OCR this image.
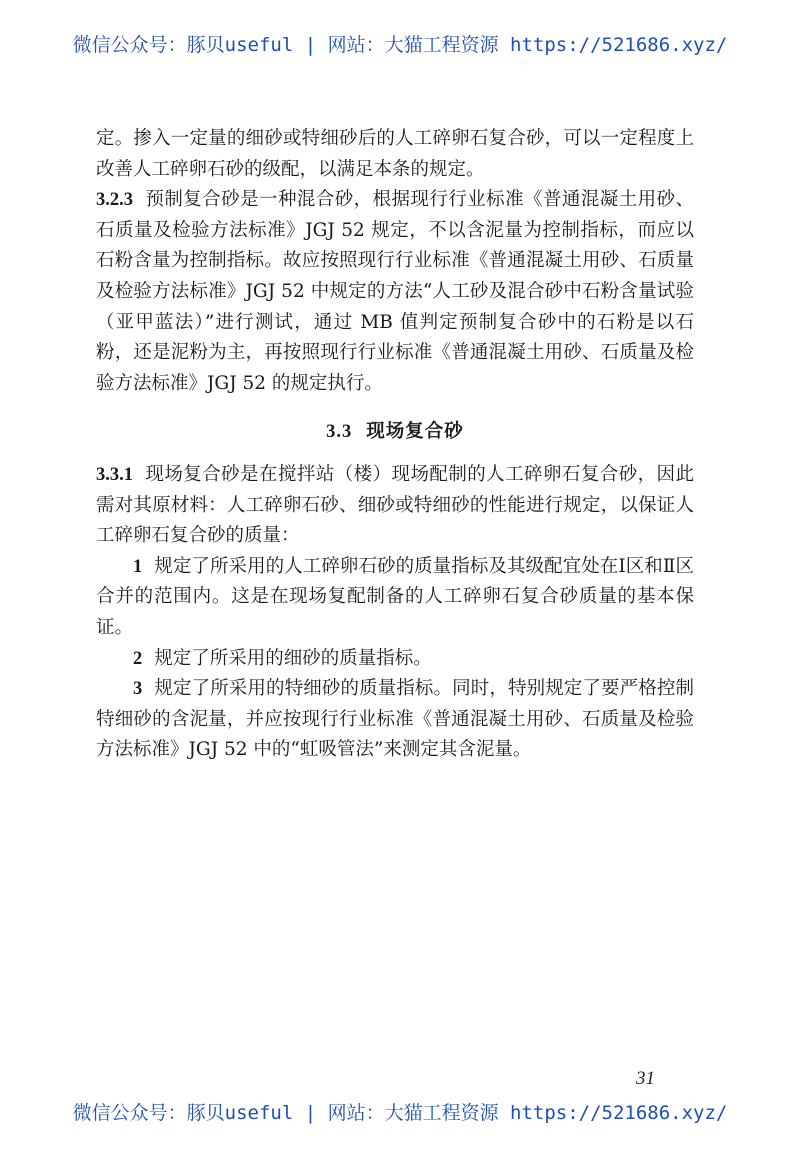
微信公众号：豚贝useful | 网站：大猫工程资源 https://521686.xyz/

定。掺入一定量的细砂或特细砂后的人工碎卵石复合砂，可以一定程度上改善人工碎卵石砂的级配，以满足本条的规定。

3.2.3 预制复合砂是一种混合砂，根据现行行业标准《普通混凝土用砂、石质量及检验方法标准》JGJ 52 规定，不以含泥量为控制指标，而应以石粉含量为控制指标。故应按照现行行业标准《普通混凝土用砂、石质量及检验方法标准》JGJ 52 中规定的方法“人工砂及混合砂中石粉含量试验（亚甲蓝法）”进行测试，通过 MB 值判定预制复合砂中的石粉是以石粉，还是泥粉为主，再按照现行行业标准《普通混凝土用砂、石质量及检验方法标准》JGJ 52 的规定执行。

3.3 现场复合砂

3.3.1 现场复合砂是在搅拌站（楼）现场配制的人工碎卵石复合砂，因此需对其原材料：人工碎卵石砂、细砂或特细砂的性能进行规定，以保证人工碎卵石复合砂的质量：

1 规定了所采用的人工碎卵石砂的质量指标及其级配宜处在Ⅰ区和Ⅱ区合并的范围内。这是在现场复配制备的人工碎卵石复合砂质量的基本保证。

2 规定了所采用的细砂的质量指标。

3 规定了所采用的特细砂的质量指标。同时，特别规定了要严格控制特细砂的含泥量，并应按现行行业标准《普通混凝土用砂、石质量及检验方法标准》JGJ 52 中的“虹吸管法”来测定其含泥量。

31
微信公众号：豚贝useful | 网站：大猫工程资源 https://521686.xyz/
